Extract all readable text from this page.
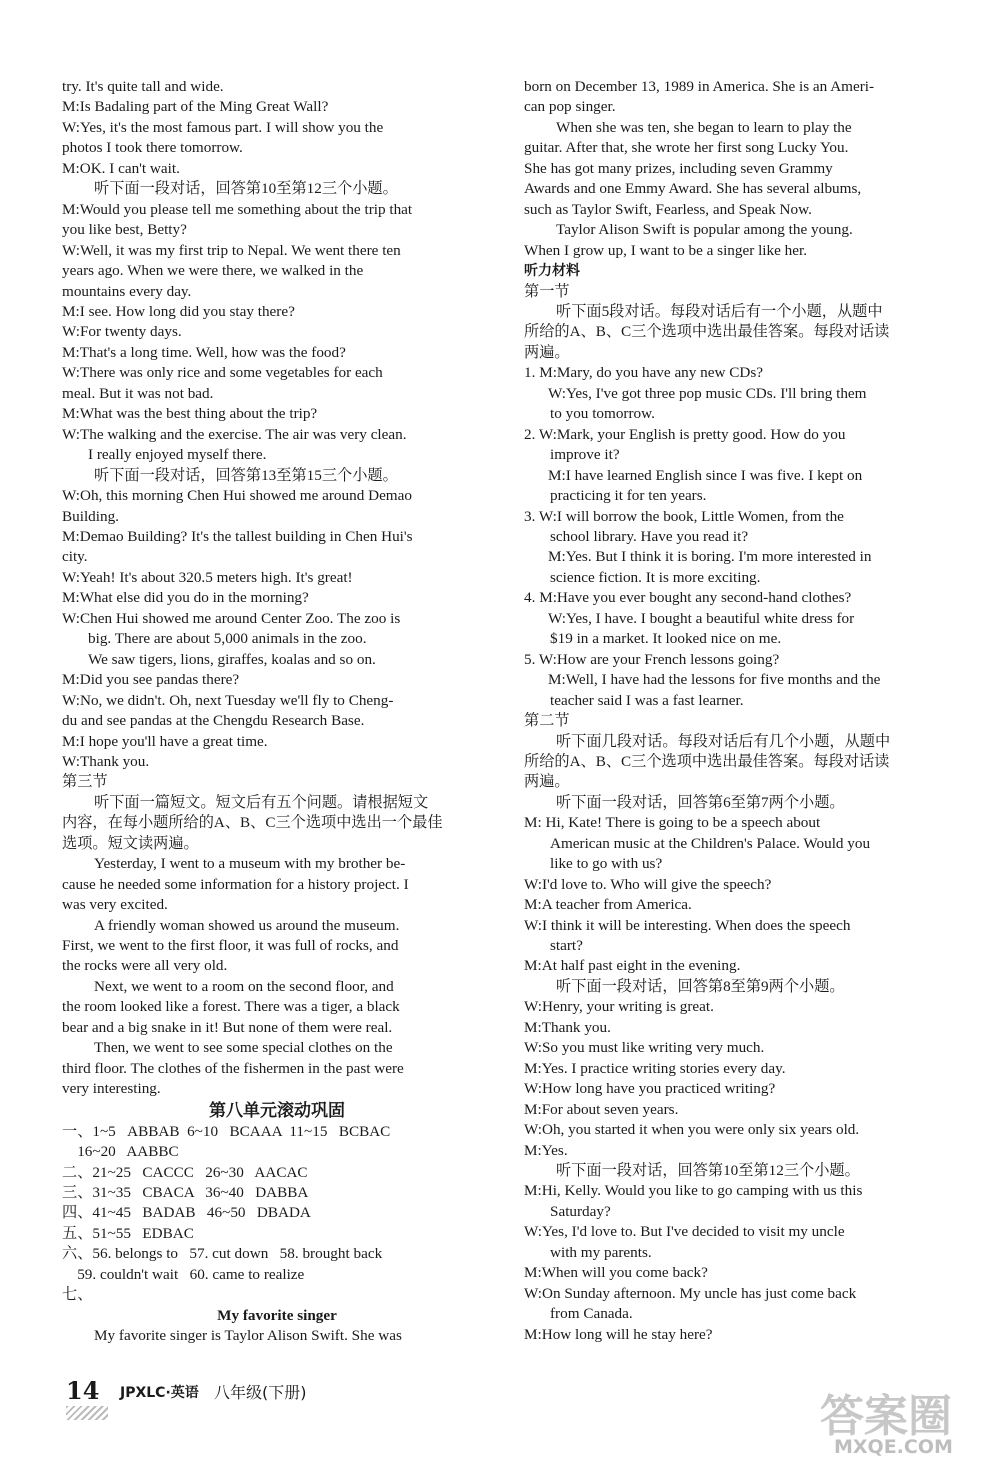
try. It's quite tall and wide.
M:Is Badaling part of the Ming Great Wall?
W:Yes, it's the most famous part. I will show you the
photos I took there tomorrow.
M:OK. I can't wait.
听下面一段对话，回答第10至第12三个小题。
M:Would you please tell me something about the trip that
you like best, Betty?
W:Well, it was my first trip to Nepal. We went there ten
years ago. When we were there, we walked in the
mountains every day.
M:I see. How long did you stay there?
W:For twenty days.
M:That's a long time. Well, how was the food?
W:There was only rice and some vegetables for each
meal. But it was not bad.
M:What was the best thing about the trip?
W:The walking and the exercise. The air was very clean.
I really enjoyed myself there.
听下面一段对话，回答第13至第15三个小题。
W:Oh, this morning Chen Hui showed me around Demao
Building.
M:Demao Building? It's the tallest building in Chen Hui's
city.
W:Yeah! It's about 320.5 meters high. It's great!
M:What else did you do in the morning?
W:Chen Hui showed me around Center Zoo. The zoo is
big. There are about 5,000 animals in the zoo.
We saw tigers, lions, giraffes, koalas and so on.
M:Did you see pandas there?
W:No, we didn't. Oh, next Tuesday we'll fly to Cheng-
du and see pandas at the Chengdu Research Base.
M:I hope you'll have a great time.
W:Thank you.
第三节
听下面一篇短文。短文后有五个问题。请根据短文
内容，在每小题所给的A、B、C三个选项中选出一个最佳
选项。短文读两遍。
Yesterday, I went to a museum with my brother be-
cause he needed some information for a history project. I
was very excited.
A friendly woman showed us around the museum.
First, we went to the first floor, it was full of rocks, and
the rocks were all very old.
Next, we went to a room on the second floor, and
the room looked like a forest. There was a tiger, a black
bear and a big snake in it! But none of them were real.
Then, we went to see some special clothes on the
third floor. The clothes of the fishermen in the past were
very interesting.
第八单元滚动巩固
一、1~5   ABBAB  6~10   BCAAA  11~15   BCBAC
16~20   AABBC
二、21~25   CACCC   26~30   AACAC
三、31~35   CBACA   36~40   DABBA
四、41~45   BADAB   46~50   DBADA
五、51~55   EDBAC
六、56. belongs to   57. cut down   58. brought back
59. couldn't wait   60. came to realize
七、
My favorite singer
My favorite singer is Taylor Alison Swift. She was
born on December 13, 1989 in America. She is an Ameri-
can pop singer.
When she was ten, she began to learn to play the
guitar. After that, she wrote her first song Lucky You.
She has got many prizes, including seven Grammy
Awards and one Emmy Award. She has several albums,
such as Taylor Swift, Fearless, and Speak Now.
Taylor Alison Swift is popular among the young.
When I grow up, I want to be a singer like her.
听力材料
第一节
听下面5段对话。每段对话后有一个小题，从题中
所给的A、B、C三个选项中选出最佳答案。每段对话读
两遍。
1. M:Mary, do you have any new CDs?
W:Yes, I've got three pop music CDs. I'll bring them
to you tomorrow.
2. W:Mark, your English is pretty good. How do you
improve it?
M:I have learned English since I was five. I kept on
practicing it for ten years.
3. W:I will borrow the book, Little Women, from the
school library. Have you read it?
M:Yes. But I think it is boring. I'm more interested in
science fiction. It is more exciting.
4. M:Have you ever bought any second-hand clothes?
W:Yes, I have. I bought a beautiful white dress for
$19 in a market. It looked nice on me.
5. W:How are your French lessons going?
M:Well, I have had the lessons for five months and the
teacher said I was a fast learner.
第二节
听下面几段对话。每段对话后有几个小题，从题中
所给的A、B、C三个选项中选出最佳答案。每段对话读
两遍。
听下面一段对话，回答第6至第7两个小题。
M: Hi, Kate! There is going to be a speech about
American music at the Children's Palace. Would you
like to go with us?
W:I'd love to. Who will give the speech?
M:A teacher from America.
W:I think it will be interesting. When does the speech
start?
M:At half past eight in the evening.
听下面一段对话，回答第8至第9两个小题。
W:Henry, your writing is great.
M:Thank you.
W:So you must like writing very much.
M:Yes. I practice writing stories every day.
W:How long have you practiced writing?
M:For about seven years.
W:Oh, you started it when you were only six years old.
M:Yes.
听下面一段对话，回答第10至第12三个小题。
M:Hi, Kelly. Would you like to go camping with us this
Saturday?
W:Yes, I'd love to. But I've decided to visit my uncle
with my parents.
M:When will you come back?
W:On Sunday afternoon. My uncle has just come back
from Canada.
M:How long will he stay here?
14 JPXLC·英语 八年级(下册)	答案圈
MXQE.COM
